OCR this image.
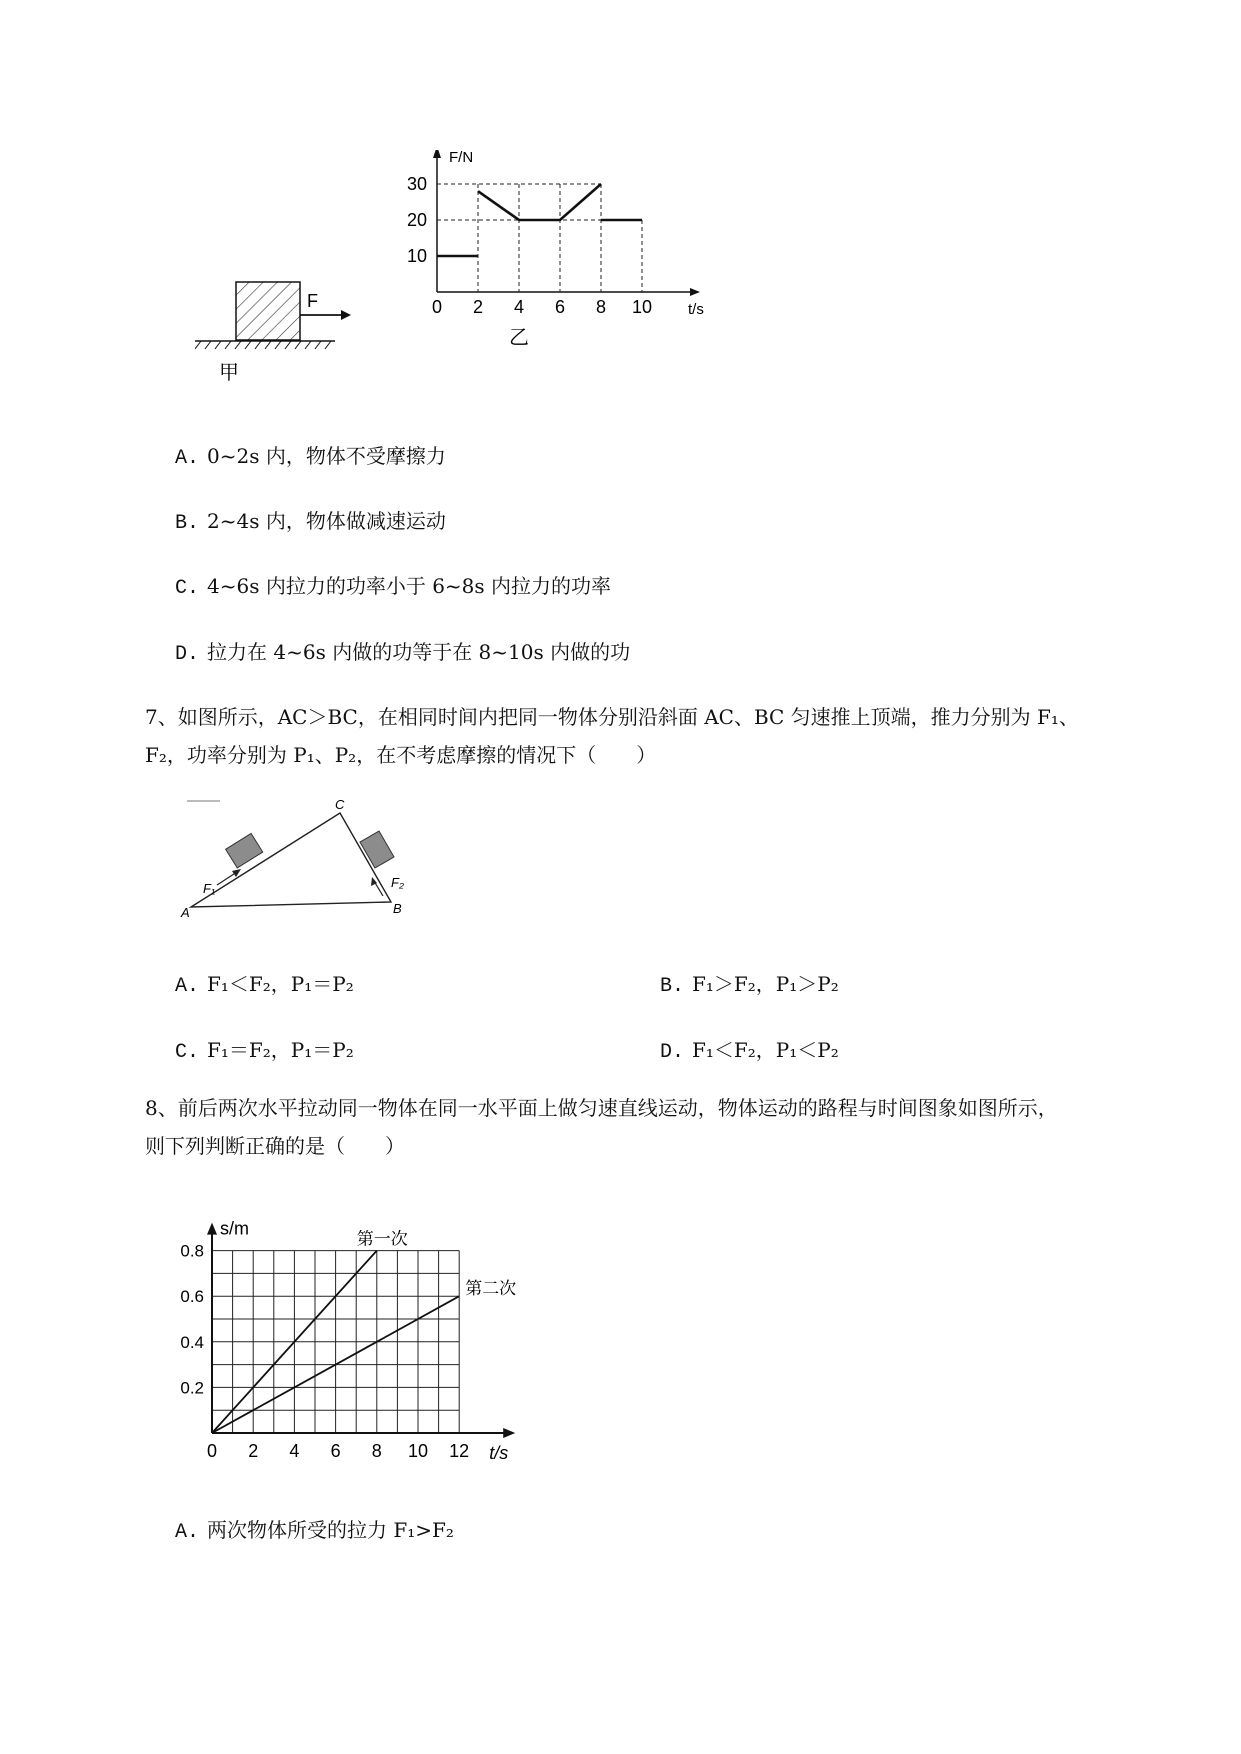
F
甲
0 2 4 6 8 10
10
20
30
F/N
t/s
乙
A. 0~2s 内，物体不受摩擦力
B. 2~4s 内，物体做减速运动
C. 4~6s 内拉力的功率小于 6~8s 内拉力的功率
D. 拉力在 4~6s 内做的功等于在 8~10s 内做的功
7、如图所示，AC＞BC，在相同时间内把同一物体分别沿斜面 AC、BC 匀速推上顶端，推力分别为 F₁、
F₂，功率分别为 P₁、P₂，在不考虑摩擦的情况下（　　）
C
A	B
F₁	F₂
A. F₁＜F₂，P₁＝P₂	B. F₁＞F₂，P₁＞P₂
C. F₁＝F₂，P₁＝P₂	D. F₁＜F₂，P₁＜P₂
8、前后两次水平拉动同一物体在同一水平面上做匀速直线运动，物体运动的路程与时间图象如图所示，
则下列判断正确的是（　　）
第一次
第二次
0 2 4 6 8 10 12
0.2
0.4
0.6
0.8
s/m
t/s
A. 两次物体所受的拉力 F₁>F₂
